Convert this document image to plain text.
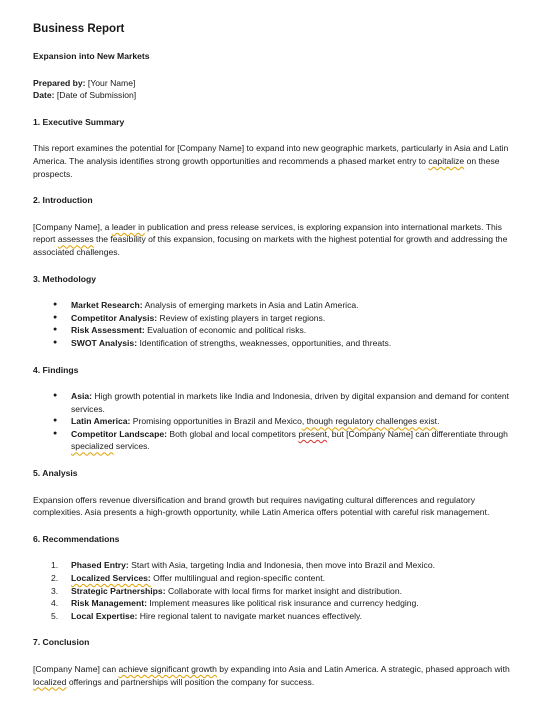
Business Report
Expansion into New Markets
Prepared by: [Your Name]
Date: [Date of Submission]
1. Executive Summary

This report examines the potential for [Company Name] to expand into new geographic markets, particularly in Asia and Latin America. The analysis identifies strong growth opportunities and recommends a phased market entry to capitalize on these prospects.

2. Introduction

[Company Name], a leader in publication and press release services, is exploring expansion into international markets. This report assesses the feasibility of this expansion, focusing on markets with the highest potential for growth and addressing the associated challenges.

3. Methodology
● Market Research: Analysis of emerging markets in Asia and Latin America.
● Competitor Analysis: Review of existing players in target regions.
● Risk Assessment: Evaluation of economic and political risks.
● SWOT Analysis: Identification of strengths, weaknesses, opportunities, and threats.
4. Findings
● Asia: High growth potential in markets like India and Indonesia, driven by digital expansion and demand for content services.
● Latin America: Promising opportunities in Brazil and Mexico, though regulatory challenges exist.
● Competitor Landscape: Both global and local competitors present, but [Company Name] can differentiate through specialized services.
5. Analysis

Expansion offers revenue diversification and brand growth but requires navigating cultural differences and regulatory complexities. Asia presents a high-growth opportunity, while Latin America offers potential with careful risk management.

6. Recommendations
1. Phased Entry: Start with Asia, targeting India and Indonesia, then move into Brazil and Mexico.
2. Localized Services: Offer multilingual and region-specific content.
3. Strategic Partnerships: Collaborate with local firms for market insight and distribution.
4. Risk Management: Implement measures like political risk insurance and currency hedging.
5. Local Expertise: Hire regional talent to navigate market nuances effectively.
7. Conclusion

[Company Name] can achieve significant growth by expanding into Asia and Latin America. A strategic, phased approach with localized offerings and partnerships will position the company for success.
